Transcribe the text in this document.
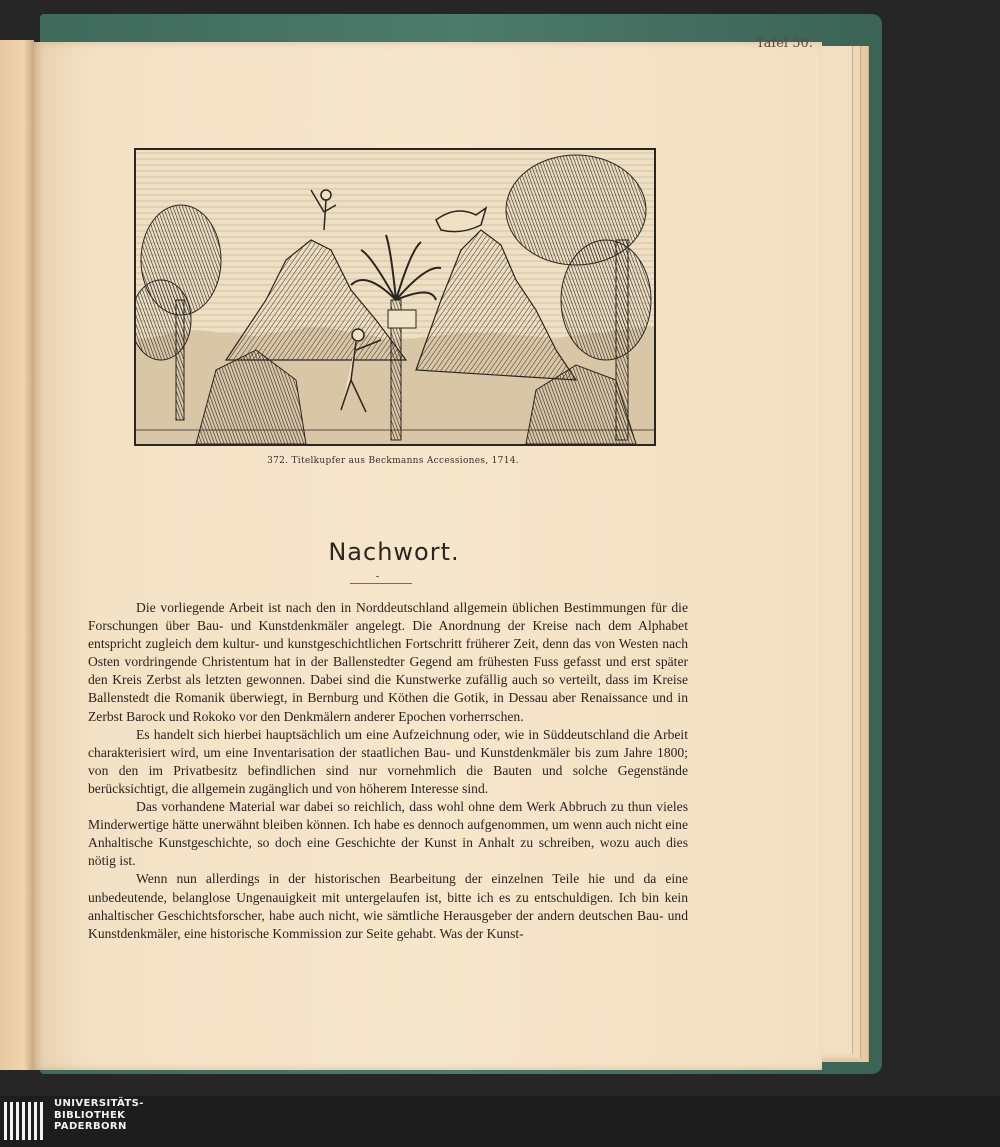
Tafel 50.
372. Titelkupfer aus Beckmanns Accessiones, 1714.
Nachwort.

Die vorliegende Arbeit ist nach den in Norddeutschland allgemein üblichen Bestimmungen für die Forschungen über Bau- und Kunstdenkmäler angelegt. Die Anordnung der Kreise nach dem Alphabet entspricht zugleich dem kultur- und kunstgeschichtlichen Fortschritt früherer Zeit, denn das von Westen nach Osten vordringende Christentum hat in der Ballenstedter Gegend am frühesten Fuss gefasst und erst später den Kreis Zerbst als letzten gewonnen. Dabei sind die Kunstwerke zufällig auch so verteilt, dass im Kreise Ballenstedt die Romanik überwiegt, in Bernburg und Köthen die Gotik, in Dessau aber Renaissance und in Zerbst Barock und Rokoko vor den Denkmälern anderer Epochen vorherrschen.

Es handelt sich hierbei hauptsächlich um eine Aufzeichnung oder, wie in Süddeutschland die Arbeit charakterisiert wird, um eine Inventarisation der staatlichen Bau- und Kunstdenkmäler bis zum Jahre 1800; von den im Privatbesitz befindlichen sind nur vornehmlich die Bauten und solche Gegenstände berücksichtigt, die allgemein zugänglich und von höherem Interesse sind.

Das vorhandene Material war dabei so reichlich, dass wohl ohne dem Werk Abbruch zu thun vieles Minderwertige hätte unerwähnt bleiben können. Ich habe es dennoch aufgenommen, um wenn auch nicht eine Anhaltische Kunstgeschichte, so doch eine Geschichte der Kunst in Anhalt zu schreiben, wozu auch dies nötig ist.

Wenn nun allerdings in der historischen Bearbeitung der einzelnen Teile hie und da eine unbedeutende, belanglose Ungenauigkeit mit untergelaufen ist, bitte ich es zu entschuldigen. Ich bin kein anhaltischer Geschichtsforscher, habe auch nicht, wie sämtliche Herausgeber der andern deutschen Bau- und Kunstdenkmäler, eine historische Kommission zur Seite gehabt. Was der Kunst-

UNIVERSITÄTS-
BIBLIOTHEK
PADERBORN
